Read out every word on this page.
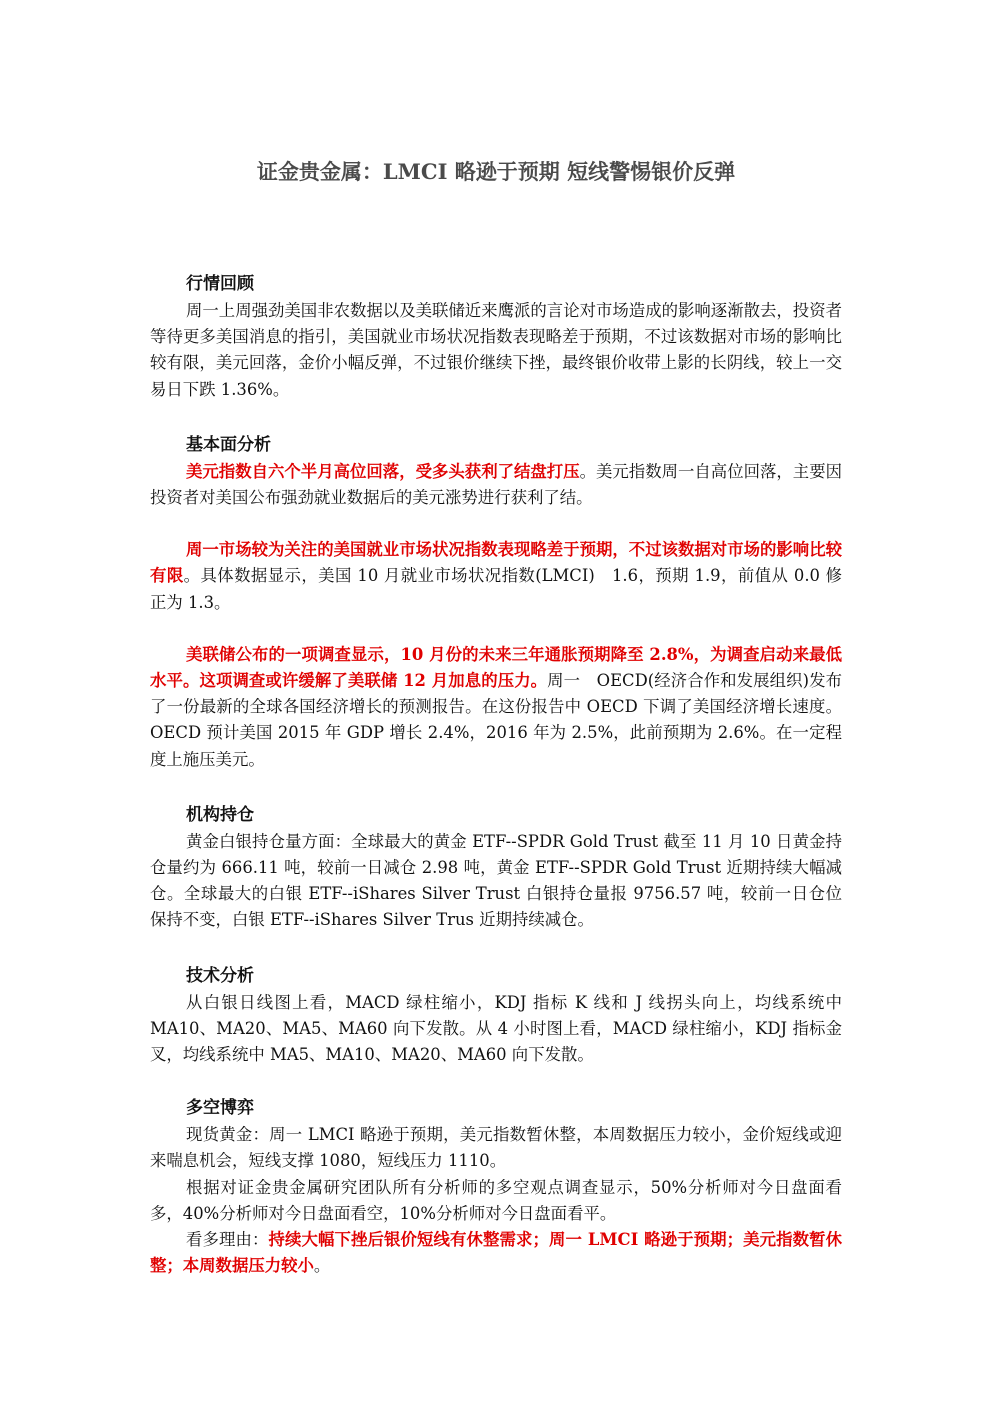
证金贵金属：LMCI 略逊于预期 短线警惕银价反弹
行情回顾

周一上周强劲美国非农数据以及美联储近来鹰派的言论对市场造成的影响逐渐散去，投资者等待更多美国消息的指引，美国就业市场状况指数表现略差于预期，不过该数据对市场的影响比较有限，美元回落，金价小幅反弹，不过银价继续下挫，最终银价收带上影的长阴线，较上一交易日下跌 1.36%。

基本面分析

美元指数自六个半月高位回落，受多头获利了结盘打压。美元指数周一自高位回落，主要因投资者对美国公布强劲就业数据后的美元涨势进行获利了结。

周一市场较为关注的美国就业市场状况指数表现略差于预期，不过该数据对市场的影响比较有限。具体数据显示，美国 10 月就业市场状况指数(LMCI)　1.6，预期 1.9，前值从 0.0 修正为 1.3。

美联储公布的一项调查显示，10 月份的未来三年通胀预期降至 2.8%，为调查启动来最低水平。这项调查或许缓解了美联储 12 月加息的压力。周一　OECD(经济合作和发展组织)发布了一份最新的全球各国经济增长的预测报告。在这份报告中 OECD 下调了美国经济增长速度。OECD 预计美国 2015 年 GDP 增长 2.4%，2016 年为 2.5%，此前预期为 2.6%。在一定程度上施压美元。

机构持仓

黄金白银持仓量方面：全球最大的黄金 ETF--SPDR Gold Trust 截至 11 月 10 日黄金持仓量约为 666.11 吨，较前一日减仓 2.98 吨，黄金 ETF--SPDR Gold Trust 近期持续大幅减仓。全球最大的白银 ETF--iShares Silver Trust 白银持仓量报 9756.57 吨，较前一日仓位保持不变，白银 ETF--iShares Silver Trus 近期持续减仓。

技术分析

从白银日线图上看，MACD 绿柱缩小，KDJ 指标 K 线和 J 线拐头向上，均线系统中 MA10、MA20、MA5、MA60 向下发散。从 4 小时图上看，MACD 绿柱缩小，KDJ 指标金叉，均线系统中 MA5、MA10、MA20、MA60 向下发散。

多空博弈

现货黄金：周一 LMCI 略逊于预期，美元指数暂休整，本周数据压力较小，金价短线或迎来喘息机会，短线支撑 1080，短线压力 1110。

根据对证金贵金属研究团队所有分析师的多空观点调查显示，50%分析师对今日盘面看多，40%分析师对今日盘面看空，10%分析师对今日盘面看平。

看多理由：持续大幅下挫后银价短线有休整需求；周一 LMCI 略逊于预期；美元指数暂休整；本周数据压力较小。
